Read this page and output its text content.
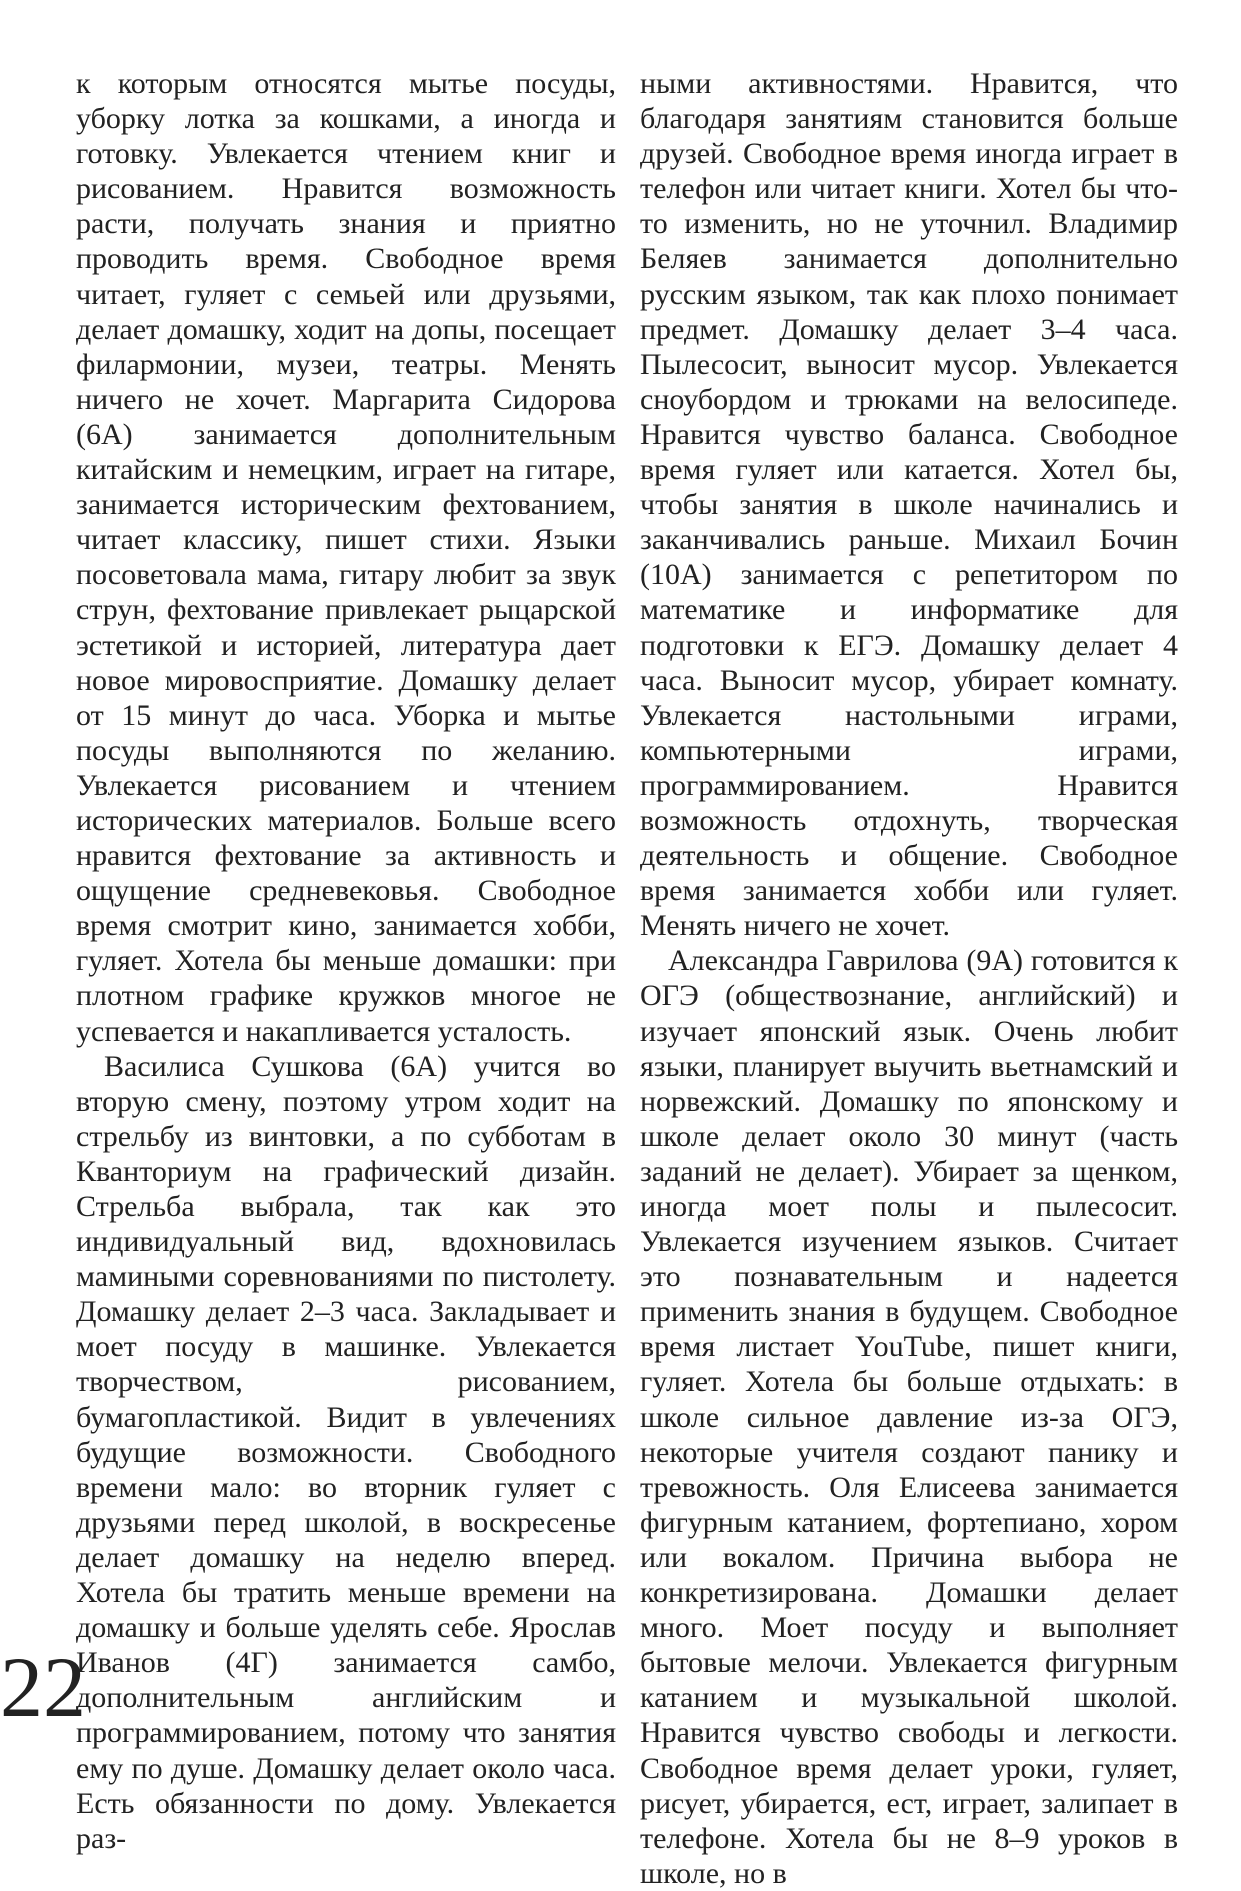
к которым относятся мытье посуды, уборку лотка за кошками, а иногда и готовку. Увлекается чтением книг и рисованием. Нравится возможность расти, получать знания и приятно проводить время. Свободное время читает, гуляет с семьей или друзьями, делает домашку, ходит на допы, посещает филармонии, музеи, театры. Менять ничего не хочет. Маргарита Сидорова (6А) занимается дополнительным китайским и немецким, играет на гитаре, занимается историческим фехтованием, читает классику, пишет стихи. Языки посоветовала мама, гитару любит за звук струн, фехтование привлекает рыцарской эстетикой и историей, литература дает новое мировосприятие. Домашку делает от 15 минут до часа. Уборка и мытье посуды выполняются по желанию. Увлекается рисованием и чтением исторических материалов. Больше всего нравится фехтование за активность и ощущение средневековья. Свободное время смотрит кино, занимается хобби, гуляет. Хотела бы меньше домашки: при плотном графике кружков многое не успевается и накапливается усталость.

Василиса Сушкова (6А) учится во вторую смену, поэтому утром ходит на стрельбу из винтовки, а по субботам в Кванториум на графический дизайн. Стрельба выбрала, так как это индивидуальный вид, вдохновилась мамиными соревнованиями по пистолету. Домашку делает 2–3 часа. Закладывает и моет посуду в машинке. Увлекается творчеством, рисованием, бумагопластикой. Видит в увлечениях будущие возможности. Свободного времени мало: во вторник гуляет с друзьями перед школой, в воскресенье делает домашку на неделю вперед. Хотела бы тратить меньше времени на домашку и больше уделять себе. Ярослав Иванов (4Г) занимается самбо, дополнительным английским и программированием, потому что занятия ему по душе. Домашку делает около часа. Есть обязанности по дому. Увлекается раз-

ными активностями. Нравится, что благодаря занятиям становится больше друзей. Свободное время иногда играет в телефон или читает книги. Хотел бы что-то изменить, но не уточнил. Владимир Беляев занимается дополнительно русским языком, так как плохо понимает предмет. Домашку делает 3–4 часа. Пылесосит, выносит мусор. Увлекается сноубордом и трюками на велосипеде. Нравится чувство баланса. Свободное время гуляет или катается. Хотел бы, чтобы занятия в школе начинались и заканчивались раньше. Михаил Бочин (10А) занимается с репетитором по математике и информатике для подготовки к ЕГЭ. Домашку делает 4 часа. Выносит мусор, убирает комнату. Увлекается настольными играми, компьютерными играми, программированием. Нравится возможность отдохнуть, творческая деятельность и общение. Свободное время занимается хобби или гуляет. Менять ничего не хочет.

Александра Гаврилова (9А) готовится к ОГЭ (обществознание, английский) и изучает японский язык. Очень любит языки, планирует выучить вьетнамский и норвежский. Домашку по японскому и школе делает около 30 минут (часть заданий не делает). Убирает за щенком, иногда моет полы и пылесосит. Увлекается изучением языков. Считает это познавательным и надеется применить знания в будущем. Свободное время листает YouTube, пишет книги, гуляет. Хотела бы больше отдыхать: в школе сильное давление из-за ОГЭ, некоторые учителя создают панику и тревожность. Оля Елисеева занимается фигурным катанием, фортепиано, хором или вокалом. Причина выбора не конкретизирована. Домашки делает много. Моет посуду и выполняет бытовые мелочи. Увлекается фигурным катанием и музыкальной школой. Нравится чувство свободы и легкости. Свободное время делает уроки, гуляет, рисует, убирается, ест, играет, залипает в телефоне. Хотела бы не 8–9 уроков в школе, но в

22
